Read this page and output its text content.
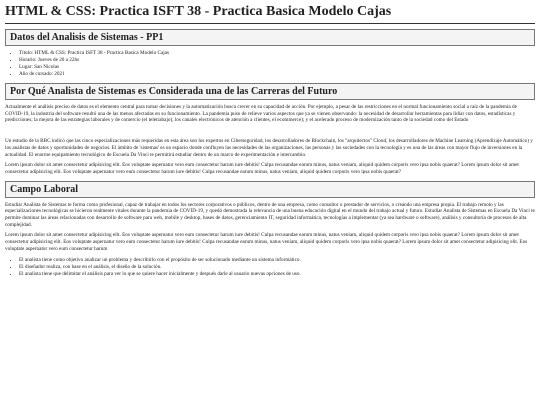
HTML & CSS: Practica ISFT 38 - Practica Basica Modelo Cajas
Datos del Analisis de Sistemas - PP1
• Título: HTML & CSS: Practica ISFT 38 - Practica Basica Modelo Cajas
• Horario: Jueves de 20 a 22hs
• Lugar: San Nicolas
• Año de cursado: 2021
Por Qué Analista de Sistemas es Considerada una de las Carreras del Futuro

Actualmente el análisis preciso de datos es el elemento central para tomar decisiones y la automatización busca crecer en su capacidad de acción. Por ejemplo, a pesar de las restricciones en el normal funcionamiento social a raíz de la pandemia de COVID-19, la industria del software resultó una de las menos afectadas en su funcionamiento. La pandemia puso de relieve varios aspectos que ya se vienen observando: la necesidad de desarrollar herramientas para lidiar con datos, estadísticas y predicciones; la mejora de las estrategias laborales y de comercio (el teletrabajo), los canales electrónicos de atención a clientes, el ecommerce); y el acelerado proceso de modernización tanto de la sociedad como del Estado

Un estudio de la BBC indicó que las cinco especializaciones más requeridas en esta área son los expertos en Ciberseguridad, los desarrolladores de Blockchain, los "arquitectos" Cloud, los desarrolladores de Machine Learning (Aprendizaje Automático) y los analistas de datos y oportunidades de negocios. El ámbito de 'sistemas' es un espacio donde confluyen las necesidades de las organizaciones, las personas y las sociedades con la tecnología y es una de las áreas con mayor flujo de inversiones en la actualidad. El enorme equipamiento tecnológico de Escuela Da Vinci te permitirá estudiar dentro de un marco de experimentación e intercambio.

Lorem ipsum dolor sit amet consectetur adipisicing elit. Eos voluptate aspernatur vero eum consectetur harum iure debitis! Culpa recusandae earum minus, natus veniam, aliquid quidem corporis vero ipsa nobis quaerat? Lorem ipsum dolor sit amet consectetur adipisicing elit. Eos voluptate aspernatur vero eum consectetur harum iure debitis! Culpa recusandae earum minus, natus veniam, aliquid quidem corporis vero ipsa nobis quaerat?

Campo Laboral

Estudiar Analista de Sistemas te forma como profesional, capaz de trabajar en todos los sectores corporativos o públicos, dentro de una empresa, como consultor o prestador de servicios, o creando una empresa propia. El trabajo remoto y las especializaciones tecnológicas se hicieron realmente vitales durante la pandemia de COVID-19, y quedó demostrada la relevancia de una buena educación digital en el mundo del trabajo actual y futuro. Estudiar Analista de Sistemas en Escuela Da Vinci te permite dominar las áreas relacionadas con desarrollo de software para web, mobile y desktop, bases de datos, gerenciamiento IT, seguridad informática, tecnologías a implementar (ya sea hardware o software), análisis y consultoría de procesos de alta complejidad.

Lorem ipsum dolor sit amet consectetur adipisicing elit. Eos voluptate aspernatur vero eum consectetur harum iure debitis! Culpa recusandae earum minus, natus veniam, aliquid quidem corporis vero ipsa nobis quaerat? Lorem ipsum dolor sit amet consectetur adipisicing elit. Eos voluptate aspernatur vero eum consectetur harum iure debitis! Culpa recusandae earum minus, natus veniam, aliquid quidem corporis vero ipsa nobis quaerat? Lorem ipsum dolor sit amet consectetur adipisicing elit. Eos voluptate aspernatur vero eum consectetur harum

• El analista tiene como objetivo analizar un problema y describirlo con el propósito de ser solucionado mediante un sistema informático.
• El diseñador realiza, con base en el análisis, el diseño de la solución.
• El analista tiene que delimitar el análisis para ver lo que se quiere hacer inicialmente y después darle al usuario nuevas opciones de uso.
